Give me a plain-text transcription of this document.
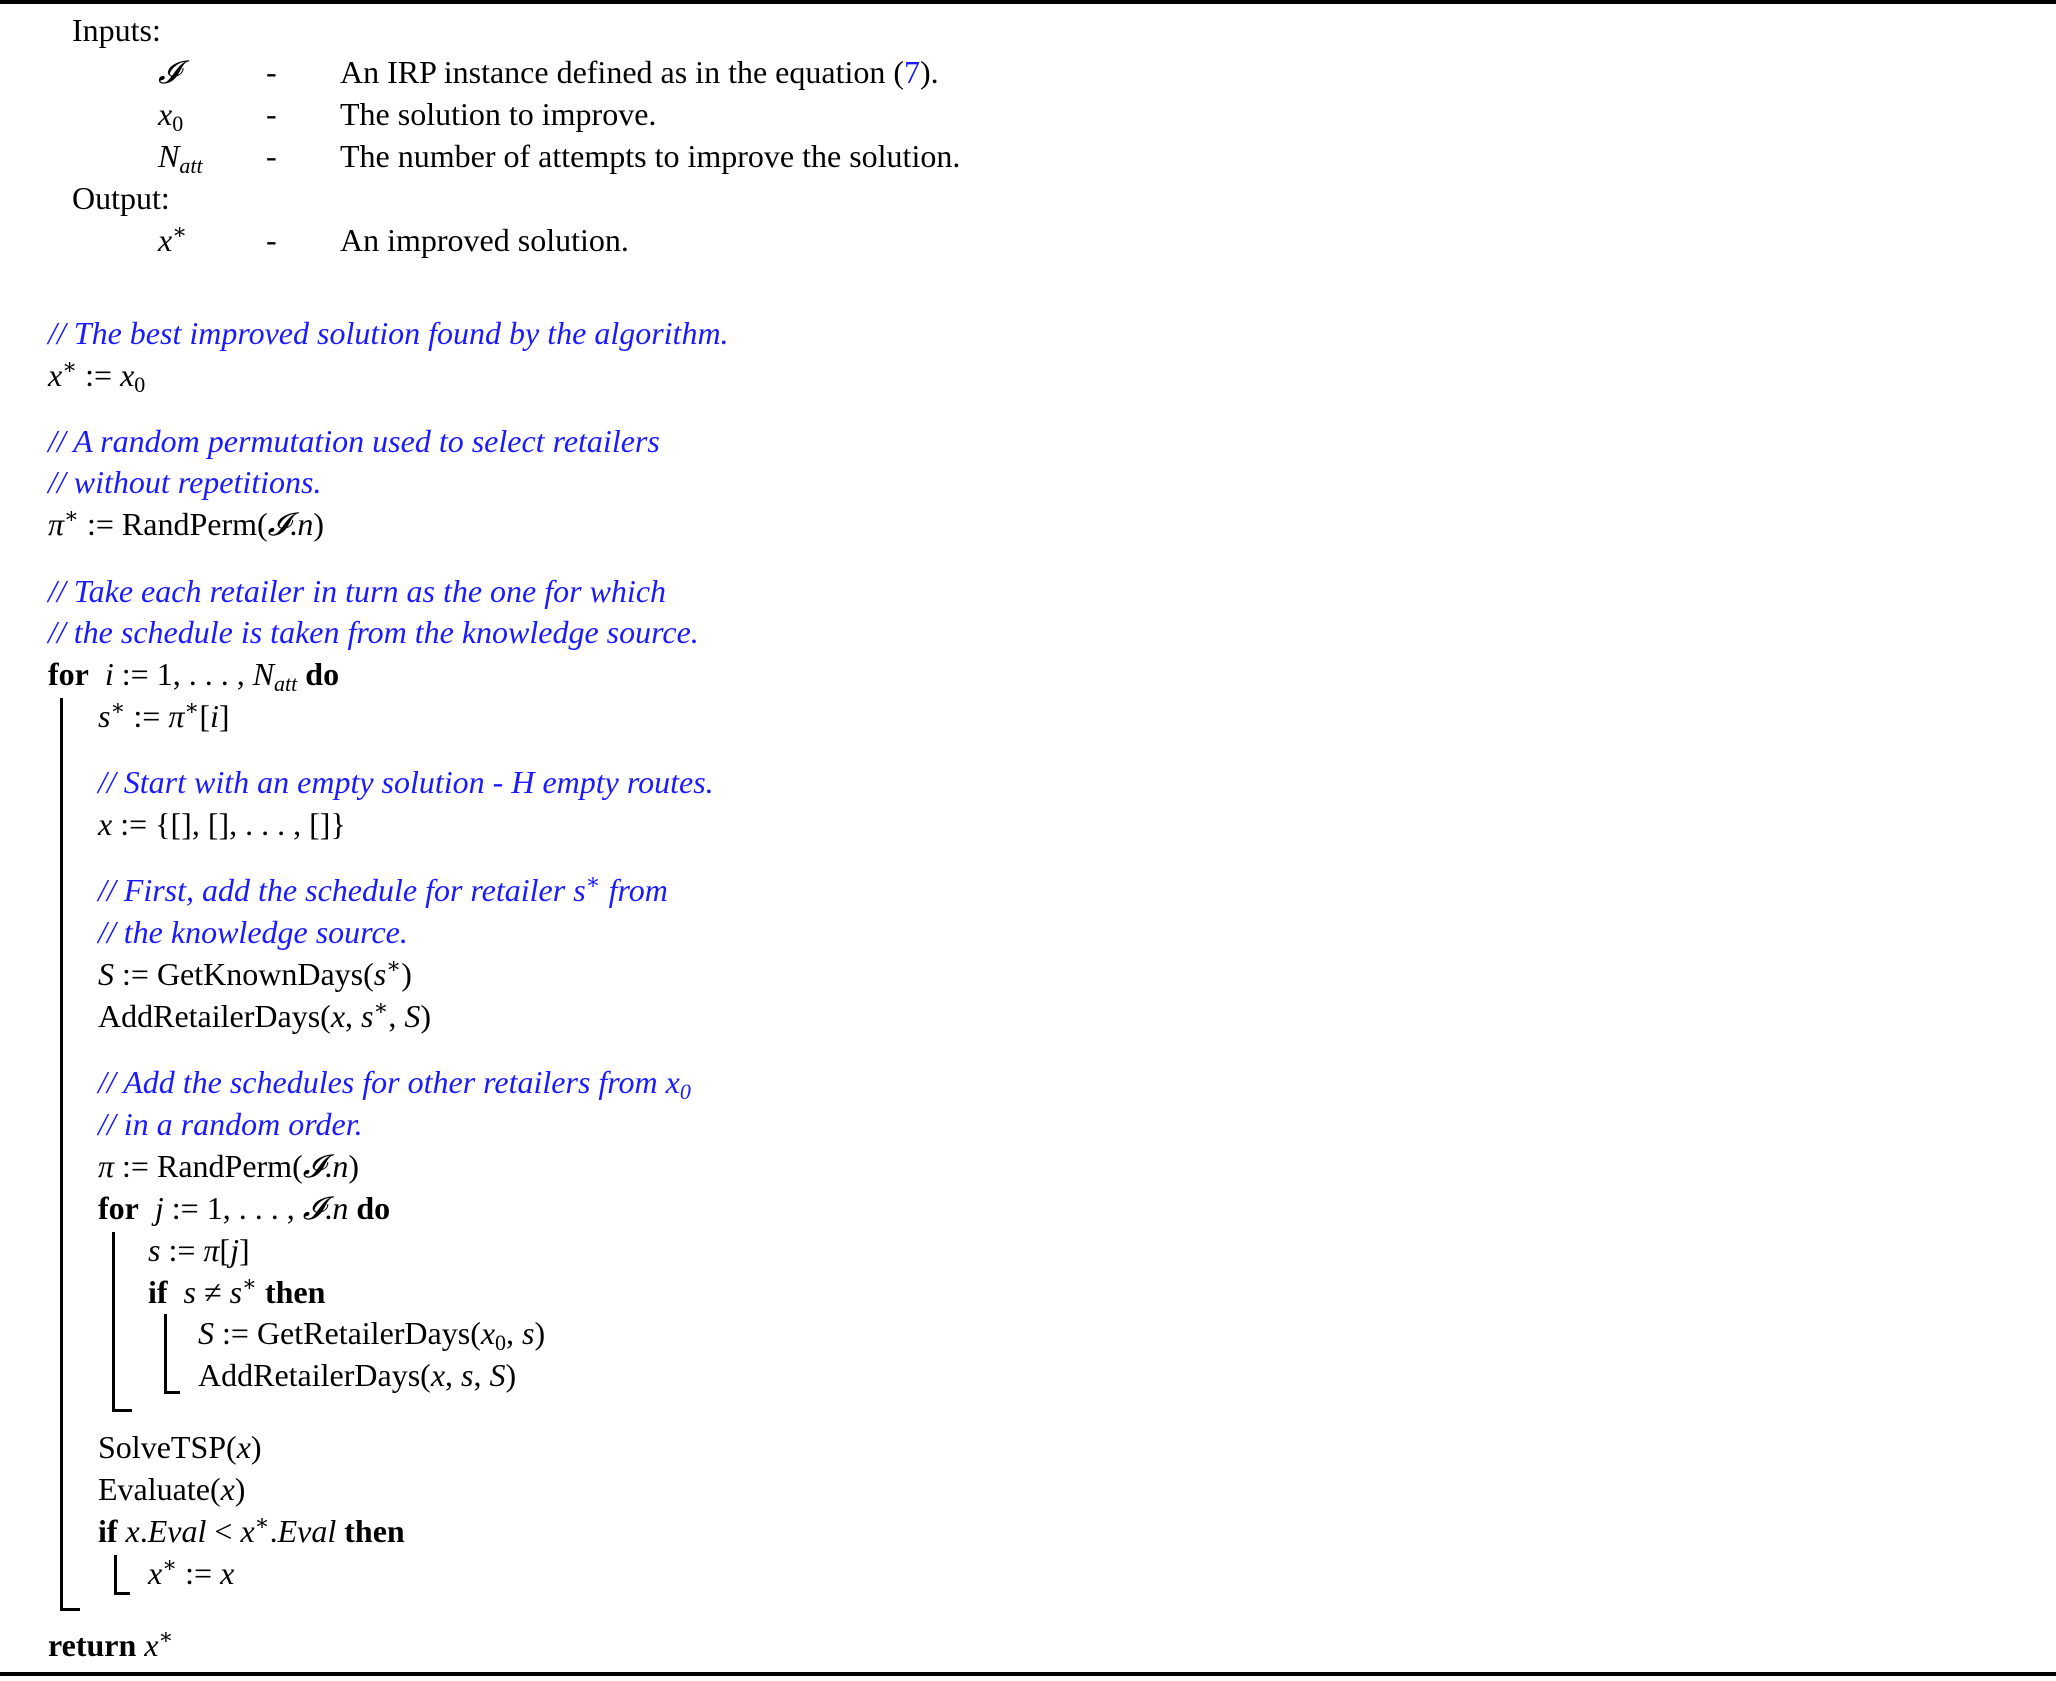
Inputs:
𝓘	- An IRP instance defined as in the equation (7).
$x_0$	- The solution to improve.
$N_{att}$ - The number of attempts to improve the solution.
Output:
x∗ - An improved solution.
// The best improved solution found by the algorithm.
x∗ := $x_0$
// A random permutation used to select retailers
// without repetitions.
π∗ := RandPerm(𝓘.n)
// Take each retailer in turn as the one for which
// the schedule is taken from the knowledge source.
for i := 1, . . . , $N_{att}$ do
s∗ := π∗[i]
// Start with an empty solution - H empty routes.
x := {[], [], . . . , []}
// First, add the schedule for retailer s∗ from
// the knowledge source.
S := GetKnownDays(s∗)
AddRetailerDays(x, s∗, S)
// Add the schedules for other retailers from $x_0$
// in a random order.
π := RandPerm(𝓘.n)
for j := 1, . . . , 𝓘.n do
s := π[j]
if s ≠ s∗ then
S := $GetRetailerDays(x_0$, s)
AddRetailerDays(x, s, S)
SolveTSP(x)
Evaluate(x)
if x.Eval < x∗.Eval then
x∗ := x
return x∗
